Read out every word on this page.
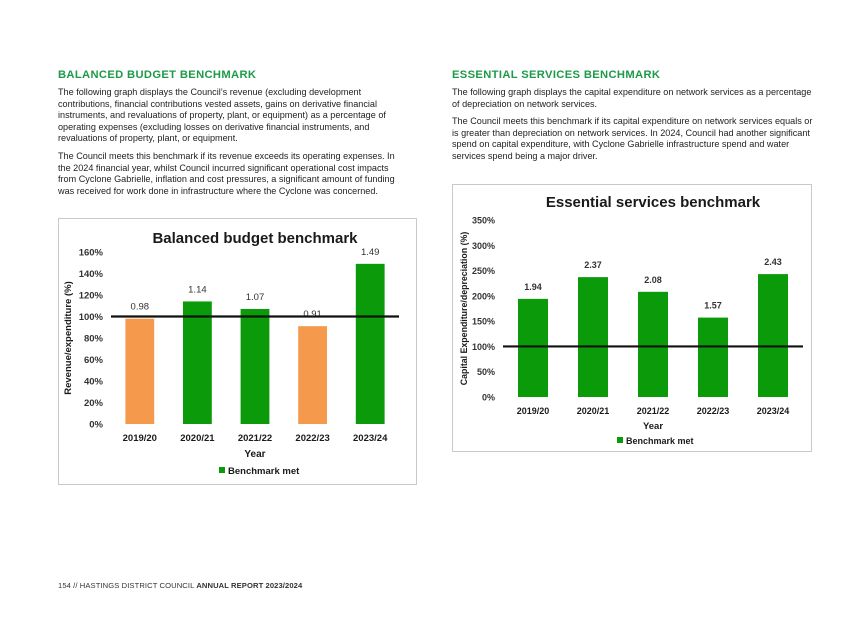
BALANCED BUDGET BENCHMARK

The following graph displays the Council’s revenue (excluding development contributions, financial contributions vested assets, gains on derivative financial instruments, and revaluations of property, plant, or equipment) as a percentage of operating expenses (excluding losses on derivative financial instruments, and revaluations of property, plant, or equipment.

The Council meets this benchmark if its revenue exceeds its operating expenses. In the 2024 financial year, whilst Council incurred significant operational cost impacts from Cyclone Gabrielle, inflation and cost pressures, a significant amount of funding was received for work done in infrastructure where the Cyclone was concerned.

ESSENTIAL SERVICES BENCHMARK

The following graph displays the capital expenditure on network services as a percentage of depreciation on network services.

The Council meets this benchmark if its capital expenditure on network services equals or is greater than depreciation on network services. In 2024, Council had another significant spend on capital expenditure, with Cyclone Gabrielle infrastructure spend and water services spend being a major driver.

Balanced budget benchmark
0%
20%
40%
60%
80%
100%
120%
140%
160%
Revenue/expenditure (%)	0.98
2019/20
1.14
2020/21
1.07
2021/22
0.91
2022/23
1.49
2023/24
Year
Benchmark met
Essential services benchmark
0%
50%
100%
150%
200%
250%
300%
350%
Capital Expenditure/depreciation (%)	1.94
2019/20
2.37
2020/21
2.08
2021/22
1.57
2022/23
2.43
2023/24
Year
Benchmark met
154 // HASTINGS DISTRICT COUNCIL ANNUAL REPORT 2023/2024
